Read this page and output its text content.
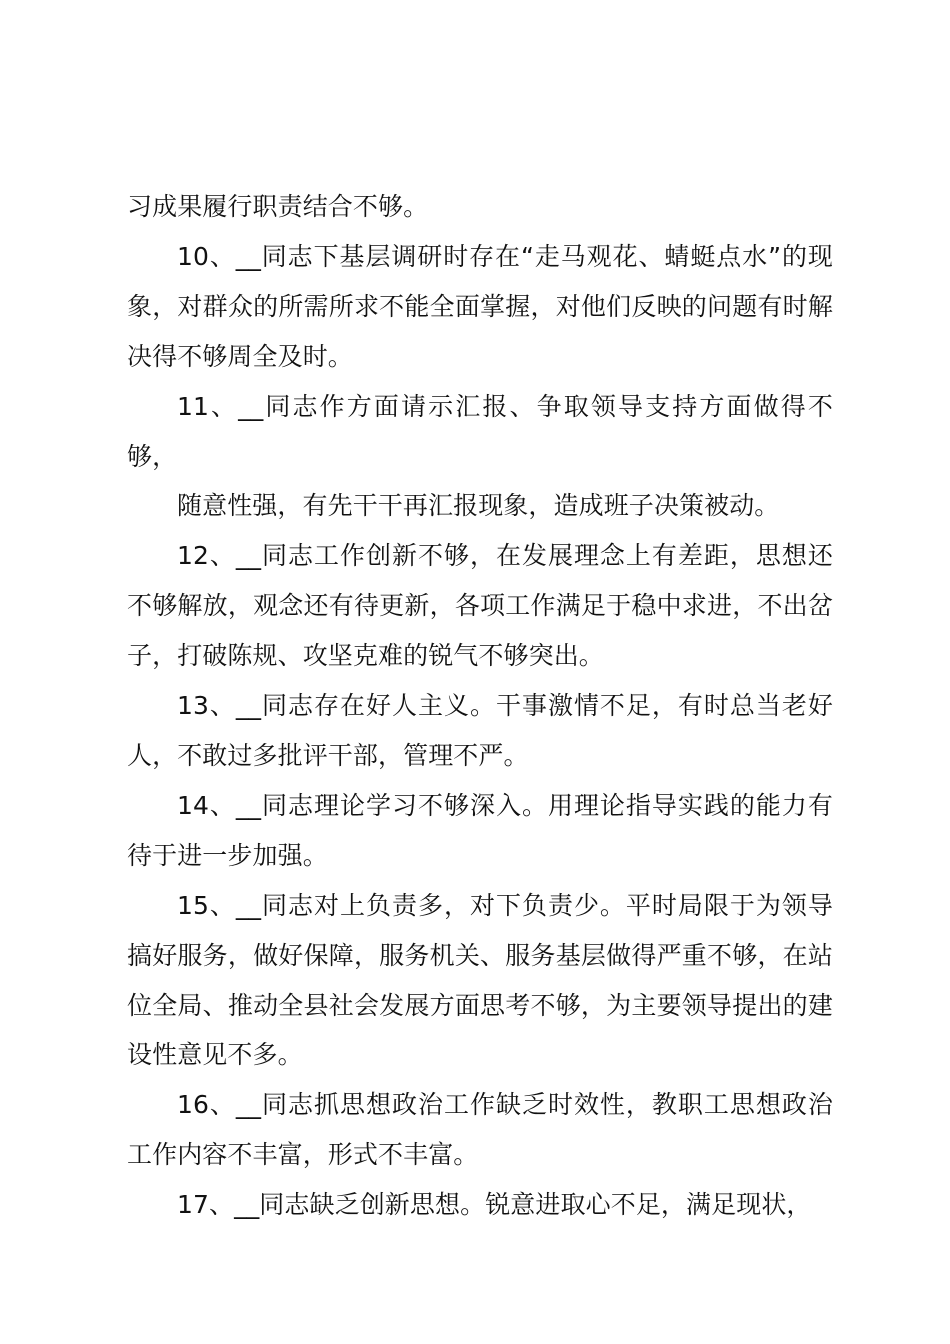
习成果履行职责结合不够。

10、__同志下基层调研时存在“走马观花、蜻蜓点水”的现象，对群众的所需所求不能全面掌握，对他们反映的问题有时解决得不够周全及时。

11、__同志作方面请示汇报、争取领导支持方面做得不够，

随意性强，有先干干再汇报现象，造成班子决策被动。

12、__同志工作创新不够，在发展理念上有差距，思想还不够解放，观念还有待更新，各项工作满足于稳中求进，不出岔子，打破陈规、攻坚克难的锐气不够突出。

13、__同志存在好人主义。干事激情不足，有时总当老好人，不敢过多批评干部，管理不严。

14、__同志理论学习不够深入。用理论指导实践的能力有待于进一步加强。

15、__同志对上负责多，对下负责少。平时局限于为领导搞好服务，做好保障，服务机关、服务基层做得严重不够，在站位全局、推动全县社会发展方面思考不够，为主要领导提出的建设性意见不多。

16、__同志抓思想政治工作缺乏时效性，教职工思想政治工作内容不丰富，形式不丰富。

17、__同志缺乏创新思想。锐意进取心不足，满足现状，
